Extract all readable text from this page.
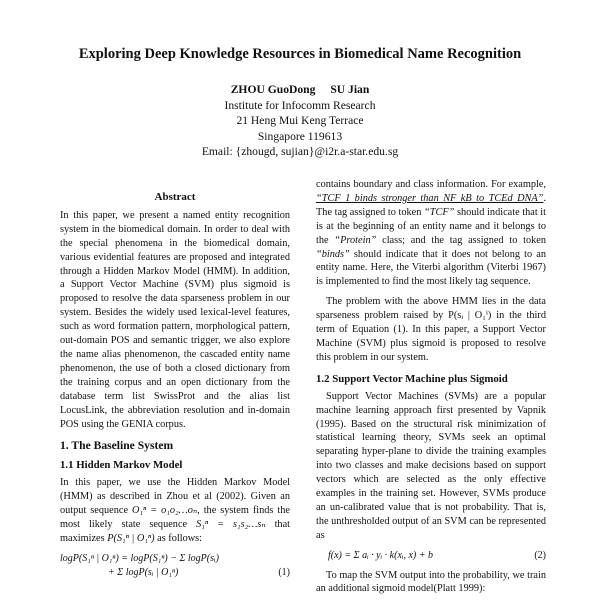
Exploring Deep Knowledge Resources in Biomedical Name Recognition
ZHOU GuoDong SU Jian
Institute for Infocomm Research
21 Heng Mui Keng Terrace
Singapore 119613
Email: {zhougd, sujian}@i2r.a-star.edu.sg
Abstract

In this paper, we present a named entity recognition system in the biomedical domain. In order to deal with the special phenomena in the biomedical domain, various evidential features are proposed and integrated through a Hidden Markov Model (HMM). In addition, a Support Vector Machine (SVM) plus sigmoid is proposed to resolve the data sparseness problem in our system. Besides the widely used lexical-level features, such as word formation pattern, morphological pattern, out-domain POS and semantic trigger, we also explore the name alias phenomenon, the cascaded entity name phenomenon, the use of both a closed dictionary from the training corpus and an open dictionary from the database term list SwissProt and the alias list LocusLink, the abbreviation resolution and in-domain POS using the GENIA corpus.

1. The Baseline System
1.1 Hidden Markov Model

In this paper, we use the Hidden Markov Model (HMM) as described in Zhou et al (2002). Given an output sequence O₁ⁿ = o₁o₂…oₙ, the system finds the most likely state sequence S₁ⁿ = s₁s₂…sₙ that maximizes P(S₁ⁿ | O₁ⁿ) as follows:

logP(S₁ⁿ | O₁ⁿ) = logP(S₁ⁿ) − Σ logP(sᵢ)
+ Σ logP(sᵢ | O₁ⁿ)	(1)

contains boundary and class information. For example, “TCF 1 binds stronger than NF kB to TCEd DNA”. The tag assigned to token “TCF” should indicate that it is at the beginning of an entity name and it belongs to the “Protein” class; and the tag assigned to token “binds” should indicate that it does not belong to an entity name. Here, the Viterbi algorithm (Viterbi 1967) is implemented to find the most likely tag sequence.

The problem with the above HMM lies in the data sparseness problem raised by P(sᵢ | O₁ⁱ) in the third term of Equation (1). In this paper, a Support Vector Machine (SVM) plus sigmoid is proposed to resolve this problem in our system.

1.2 Support Vector Machine plus Sigmoid

Support Vector Machines (SVMs) are a popular machine learning approach first presented by Vapnik (1995). Based on the structural risk minimization of statistical learning theory, SVMs seek an optimal separating hyper-plane to divide the training examples into two classes and make decisions based on support vectors which are selected as the only effective examples in the training set. However, SVMs produce an un-calibrated value that is not probability. That is, the unthresholded output of an SVM can be represented as

f(x) = Σ aᵢ · yᵢ · k(xᵢ, x) + b	(2)

To map the SVM output into the probability, we train an additional sigmoid model(Platt 1999):
